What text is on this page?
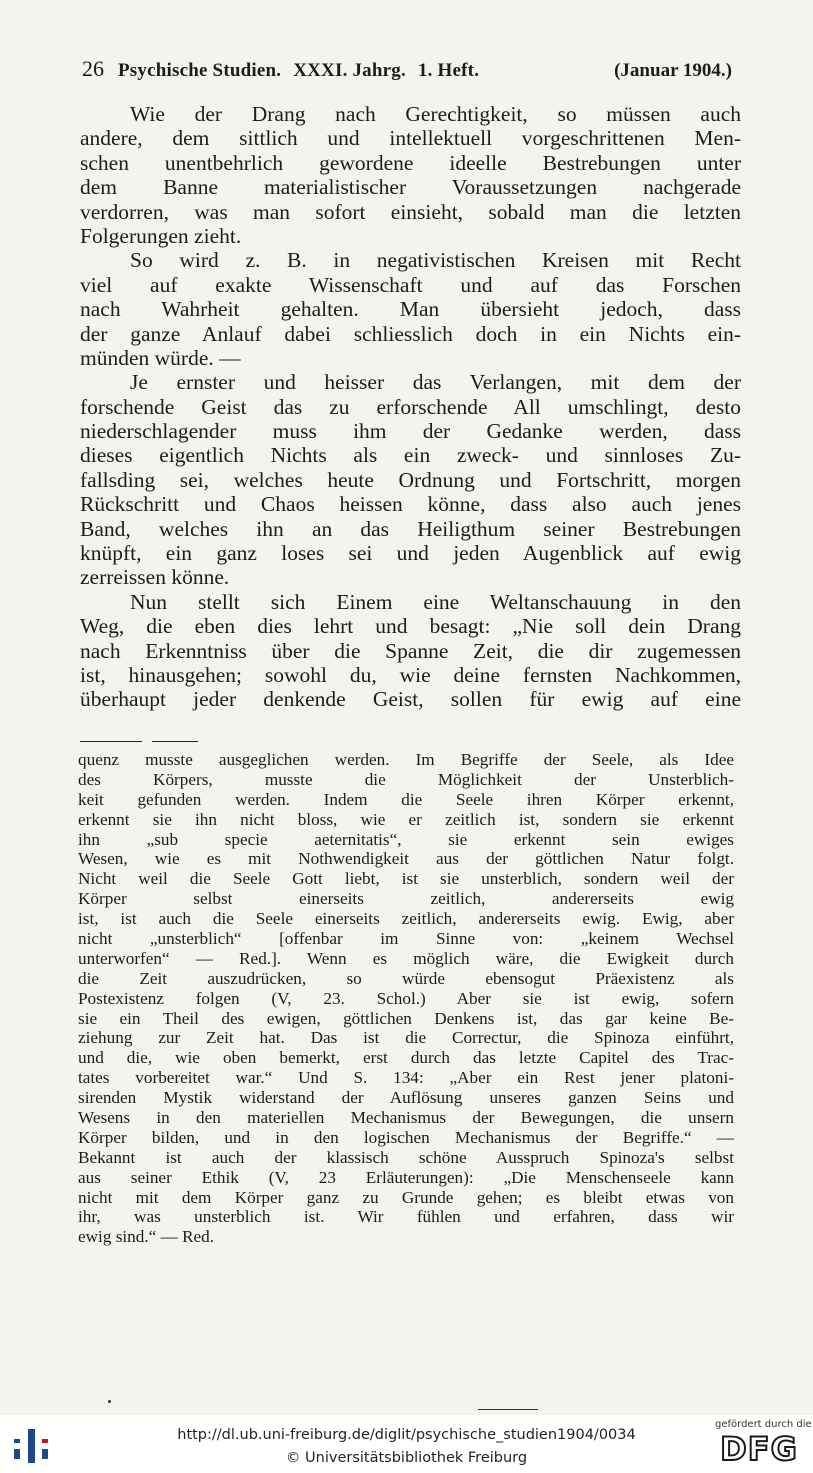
26 Psychische Studien. XXXI. Jahrg. 1. Heft.	(Januar 1904.)
Wie der Drang nach Gerechtigkeit, so müssen auch
andere, dem sittlich und intellektuell vorgeschrittenen Men-
schen unentbehrlich gewordene ideelle Bestrebungen unter
dem Banne materialistischer Voraussetzungen nachgerade
verdorren, was man sofort einsieht, sobald man die letzten
Folgerungen zieht.
So wird z. B. in negativistischen Kreisen mit Recht
viel auf exakte Wissenschaft und auf das Forschen
nach Wahrheit gehalten. Man übersieht jedoch, dass
der ganze Anlauf dabei schliesslich doch in ein Nichts ein-
münden würde. —
Je ernster und heisser das Verlangen, mit dem der
forschende Geist das zu erforschende All umschlingt, desto
niederschlagender muss ihm der Gedanke werden, dass
dieses eigentlich Nichts als ein zweck- und sinnloses Zu-
fallsding sei, welches heute Ordnung und Fortschritt, morgen
Rückschritt und Chaos heissen könne, dass also auch jenes
Band, welches ihn an das Heiligthum seiner Bestrebungen
knüpft, ein ganz loses sei und jeden Augenblick auf ewig
zerreissen könne.
Nun stellt sich Einem eine Weltanschauung in den
Weg, die eben dies lehrt und besagt: „Nie soll dein Drang
nach Erkenntniss über die Spanne Zeit, die dir zugemessen
ist, hinausgehen; sowohl du, wie deine fernsten Nachkommen,
überhaupt jeder denkende Geist, sollen für ewig auf eine
quenz musste ausgeglichen werden. Im Begriffe der Seele, als Idee
des Körpers, musste die Möglichkeit der Unsterblich-
keit gefunden werden. Indem die Seele ihren Körper erkennt,
erkennt sie ihn nicht bloss, wie er zeitlich ist, sondern sie erkennt
ihn „sub specie aeternitatis“, sie erkennt sein ewiges
Wesen, wie es mit Nothwendigkeit aus der göttlichen Natur folgt.
Nicht weil die Seele Gott liebt, ist sie unsterblich, sondern weil der
Körper selbst einerseits zeitlich, andererseits ewig
ist, ist auch die Seele einerseits zeitlich, andererseits ewig. Ewig, aber
nicht „unsterblich“ [offenbar im Sinne von: „keinem Wechsel
unterworfen“ — Red.]. Wenn es möglich wäre, die Ewigkeit durch
die Zeit auszudrücken, so würde ebensogut Präexistenz als
Postexistenz folgen (V, 23. Schol.) Aber sie ist ewig, sofern
sie ein Theil des ewigen, göttlichen Denkens ist, das gar keine Be-
ziehung zur Zeit hat. Das ist die Correctur, die Spinoza einführt,
und die, wie oben bemerkt, erst durch das letzte Capitel des Trac-
tates vorbereitet war.“ Und S. 134: „Aber ein Rest jener platoni-
sirenden Mystik widerstand der Auflösung unseres ganzen Seins und
Wesens in den materiellen Mechanismus der Bewegungen, die unsern
Körper bilden, und in den logischen Mechanismus der Begriffe.“ —
Bekannt ist auch der klassisch schöne Ausspruch Spinoza's selbst
aus seiner Ethik (V, 23 Erläuterungen): „Die Menschenseele kann
nicht mit dem Körper ganz zu Grunde gehen; es bleibt etwas von
ihr, was unsterblich ist. Wir fühlen und erfahren, dass wir
ewig sind.“ — Red.
http://dl.ub.uni-freiburg.de/diglit/psychische_studien1904/0034
© Universitätsbibliothek Freiburg
gefördert durch die
DFG
